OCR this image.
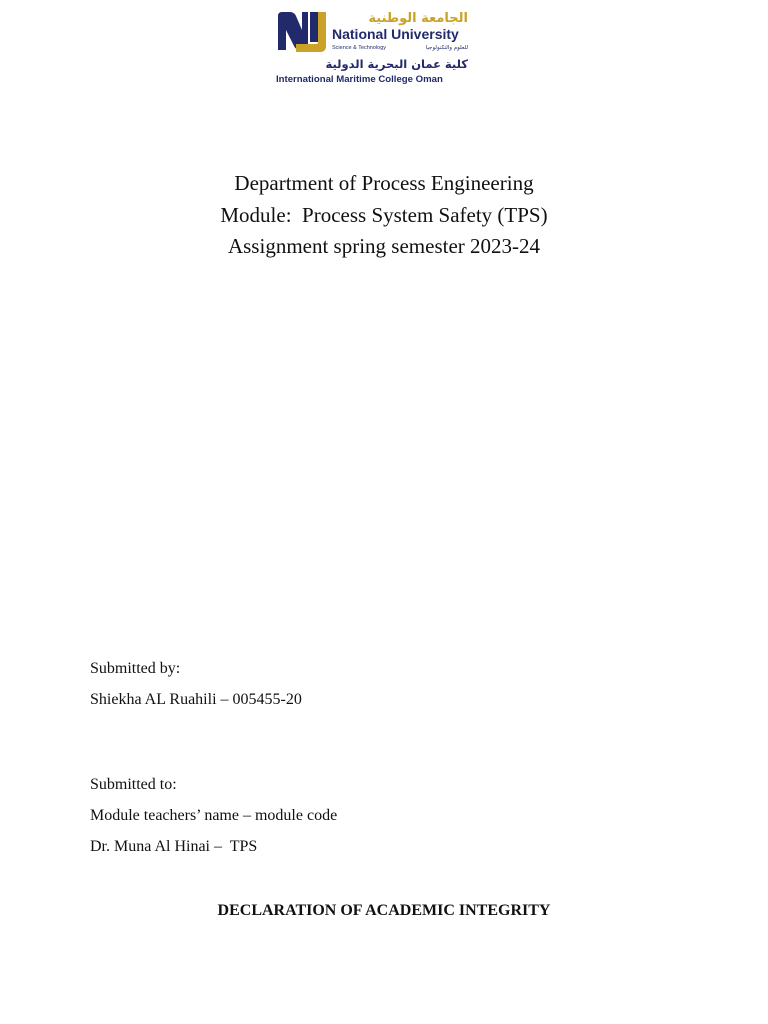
الجامعة الوطنية
National University
Science & Technology	للعلوم والتكنولوجيا
كلية عمان البحرية الدولية
International Maritime College Oman
Department of Process Engineering
Module:  Process System Safety (TPS)
Assignment spring semester 2023-24
Submitted by:
Shiekha AL Ruahili – 005455-20
Submitted to:
Module teachers’ name – module code
Dr. Muna Al Hinai –  TPS
DECLARATION OF ACADEMIC INTEGRITY
